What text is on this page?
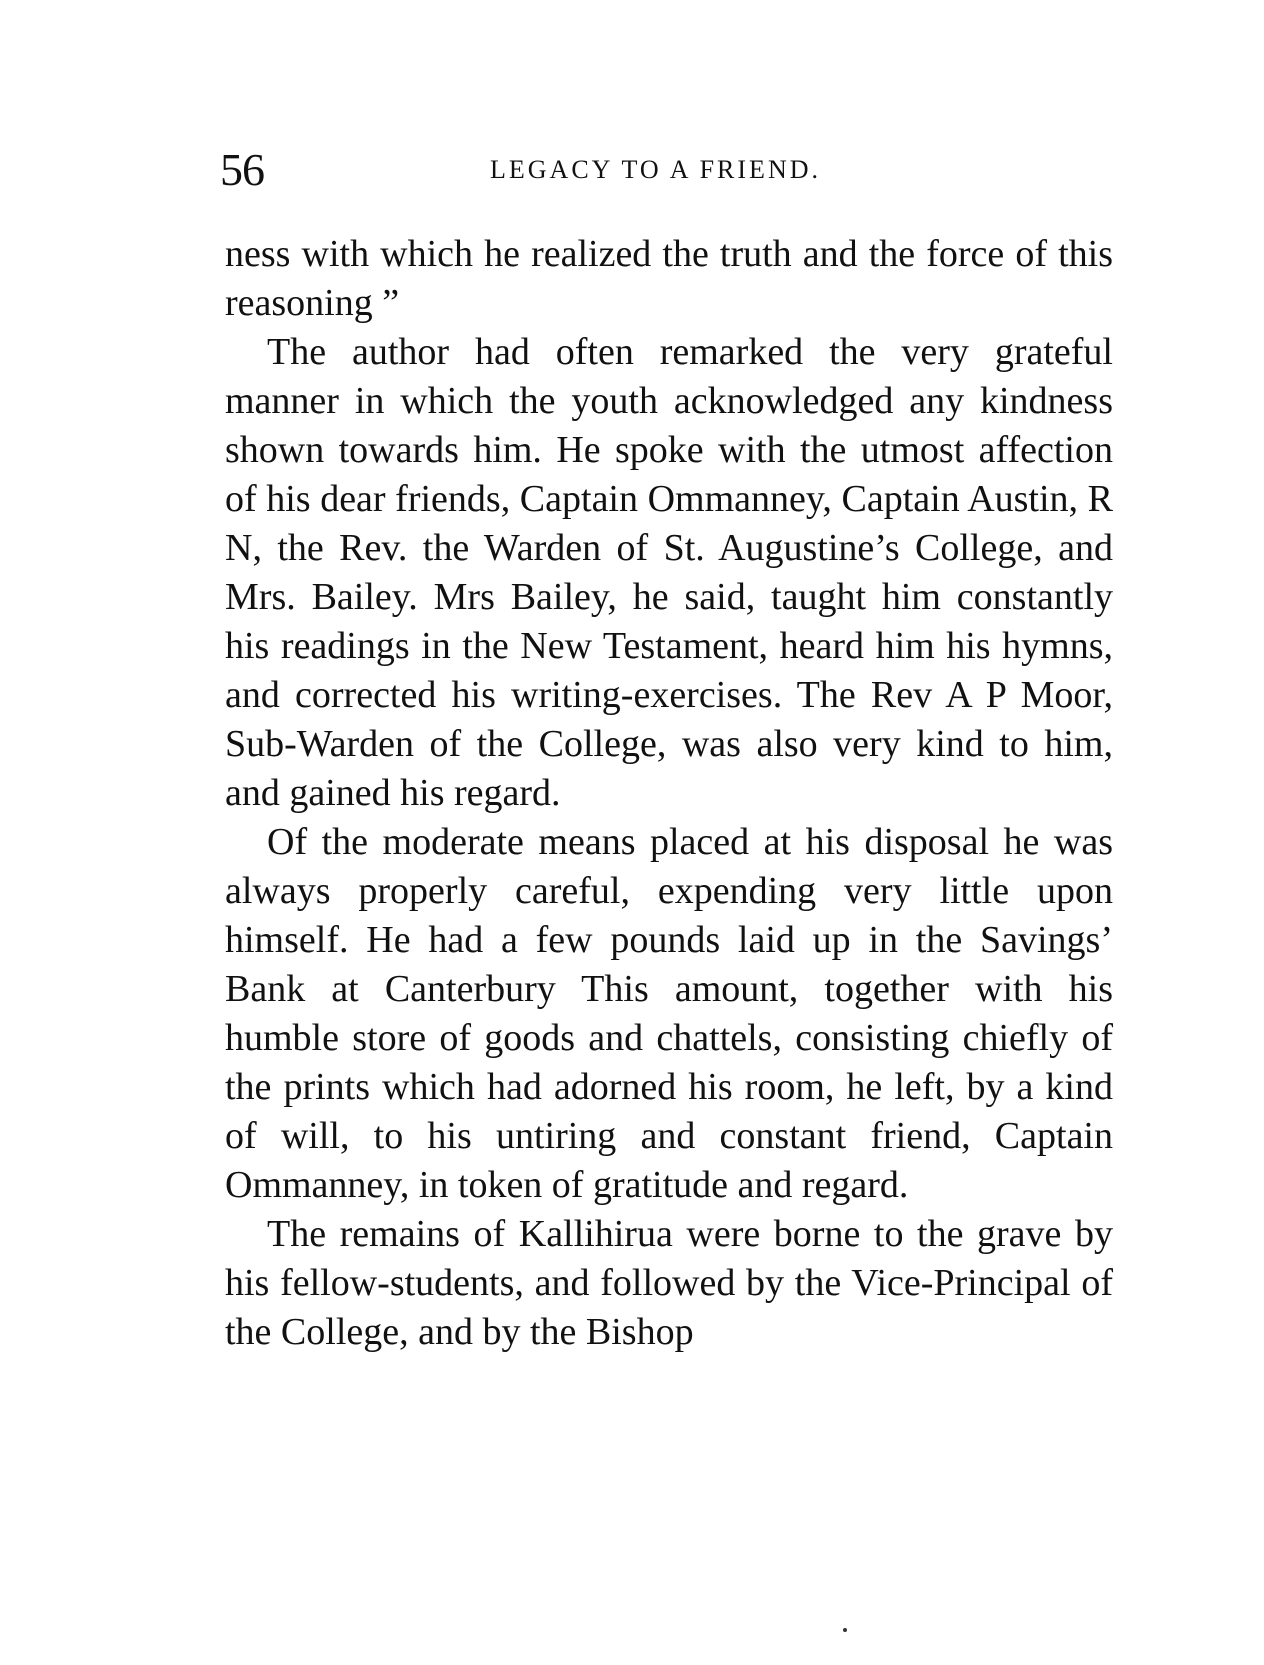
56	LEGACY TO A FRIEND.

ness with which he realized the truth and the force of this reasoning ”

The author had often remarked the very grateful manner in which the youth acknowledged any kindness shown towards him. He spoke with the utmost affection of his dear friends, Captain Ommanney, Captain Austin, R N, the Rev. the Warden of St. Augustine’s College, and Mrs. Bailey. Mrs Bailey, he said, taught him constantly his readings in the New Testament, heard him his hymns, and corrected his writing-exercises. The Rev A P Moor, Sub-Warden of the College, was also very kind to him, and gained his regard.

Of the moderate means placed at his disposal he was always properly careful, expending very little upon himself. He had a few pounds laid up in the Savings’ Bank at Canterbury This amount, together with his humble store of goods and chattels, consisting chiefly of the prints which had adorned his room, he left, by a kind of will, to his untiring and constant friend, Captain Ommanney, in token of gratitude and regard.

The remains of Kallihirua were borne to the grave by his fellow-students, and followed by the Vice-Principal of the College, and by the Bishop
